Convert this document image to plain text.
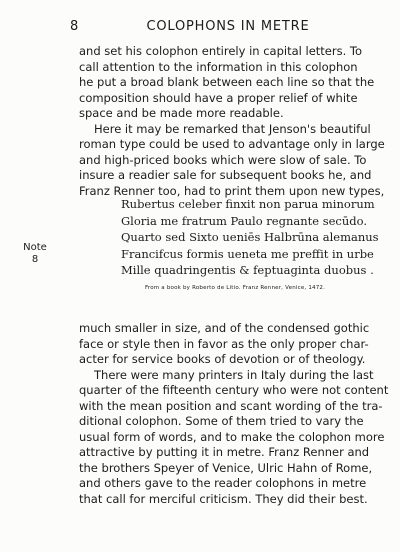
8	COLOPHONS IN METRE
and set his colophon entirely in capital letters. To
call attention to the information in this colophon
he put a broad blank between each line so that the
composition should have a proper relief of white
space and be made more readable.
Here it may be remarked that Jenson's beautiful
roman type could be used to advantage only in large
and high-priced books which were slow of sale. To
insure a readier sale for subsequent books he, and
Franz Renner too, had to print them upon new types,
Note
8
Rubertus celeber finxit non parua minorum
Gloria me fratrum Paulo regnante secūdo.
Quarto sed Sixto ueniēs Halbrūna alemanus
Francifcus formis ueneta me preffit in urbe
Mille quadringentis & feptuaginta duobus .
From a book by Roberto de Litio. Franz Renner, Venice, 1472.
much smaller in size, and of the condensed gothic
face or style then in favor as the only proper char-
acter for service books of devotion or of theology.
There were many printers in Italy during the last
quarter of the fifteenth century who were not content
with the mean position and scant wording of the tra-
ditional colophon. Some of them tried to vary the
usual form of words, and to make the colophon more
attractive by putting it in metre. Franz Renner and
the brothers Speyer of Venice, Ulric Hahn of Rome,
and others gave to the reader colophons in metre
that call for merciful criticism. They did their best.
